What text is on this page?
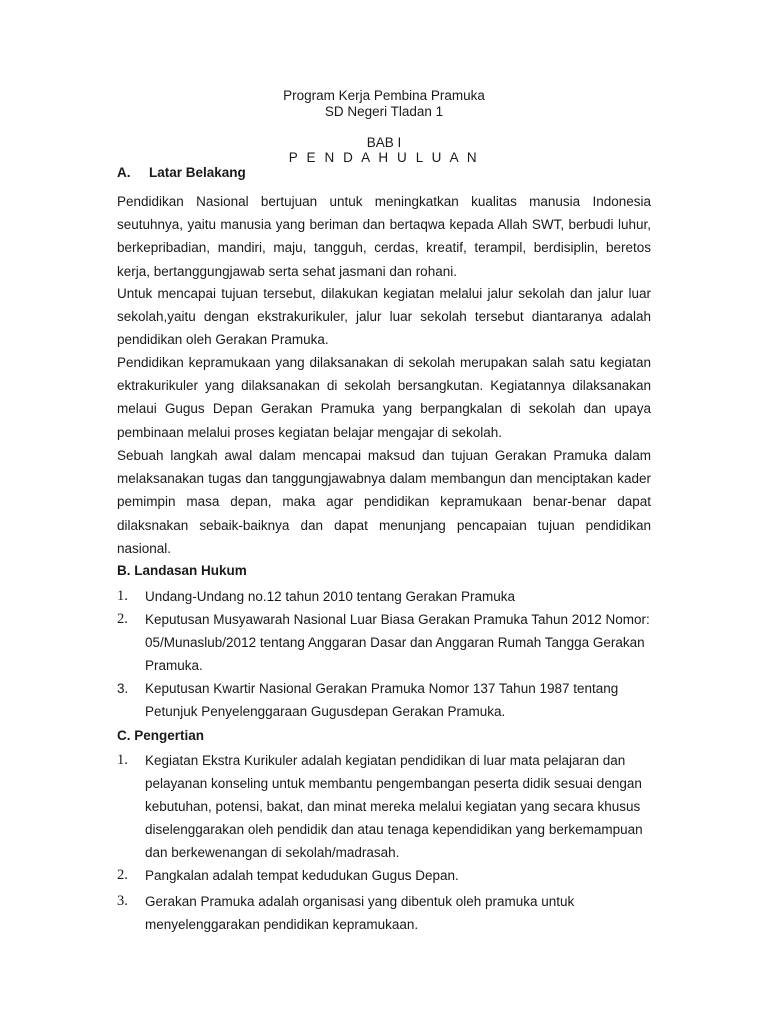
Program Kerja Pembina Pramuka
SD Negeri Tladan 1
BAB I
P E N D A H U L U A N
A. Latar Belakang

Pendidikan Nasional bertujuan untuk meningkatkan kualitas manusia Indonesia seutuhnya, yaitu manusia yang beriman dan bertaqwa kepada Allah SWT, berbudi luhur, berkepribadian, mandiri, maju, tangguh, cerdas, kreatif, terampil, berdisiplin, beretos kerja, bertanggungjawab serta sehat jasmani dan rohani.

Untuk mencapai tujuan tersebut, dilakukan kegiatan melalui jalur sekolah dan jalur luar sekolah,yaitu dengan ekstrakurikuler, jalur luar sekolah tersebut diantaranya adalah pendidikan oleh Gerakan Pramuka.

Pendidikan kepramukaan yang dilaksanakan di sekolah merupakan salah satu kegiatan ektrakurikuler yang dilaksanakan di sekolah bersangkutan. Kegiatannya dilaksanakan melaui Gugus Depan Gerakan Pramuka yang berpangkalan di sekolah dan upaya pembinaan melalui proses kegiatan belajar mengajar di sekolah.

Sebuah langkah awal dalam mencapai maksud dan tujuan Gerakan Pramuka dalam melaksanakan tugas dan tanggungjawabnya dalam membangun dan menciptakan kader pemimpin masa depan, maka agar pendidikan kepramukaan benar-benar dapat dilaksnakan sebaik-baiknya dan dapat menunjang pencapaian tujuan pendidikan nasional.

B. Landasan Hukum
1. Undang-Undang no.12 tahun 2010 tentang Gerakan Pramuka
2. Keputusan Musyawarah Nasional Luar Biasa Gerakan Pramuka Tahun 2012 Nomor: 05/Munaslub/2012 tentang Anggaran Dasar dan Anggaran Rumah Tangga Gerakan Pramuka.
3. Keputusan Kwartir Nasional Gerakan Pramuka Nomor 137 Tahun 1987 tentang Petunjuk Penyelenggaraan Gugusdepan Gerakan Pramuka.
C. Pengertian
1. Kegiatan Ekstra Kurikuler adalah kegiatan pendidikan di luar mata pelajaran dan pelayanan konseling untuk membantu pengembangan peserta didik sesuai dengan kebutuhan, potensi, bakat, dan minat mereka melalui kegiatan yang secara khusus diselenggarakan oleh pendidik dan atau tenaga kependidikan yang berkemampuan dan berkewenangan di sekolah/madrasah.
2. Pangkalan adalah tempat kedudukan Gugus Depan.
3. Gerakan Pramuka adalah organisasi yang dibentuk oleh pramuka untuk menyelenggarakan pendidikan kepramukaan.
